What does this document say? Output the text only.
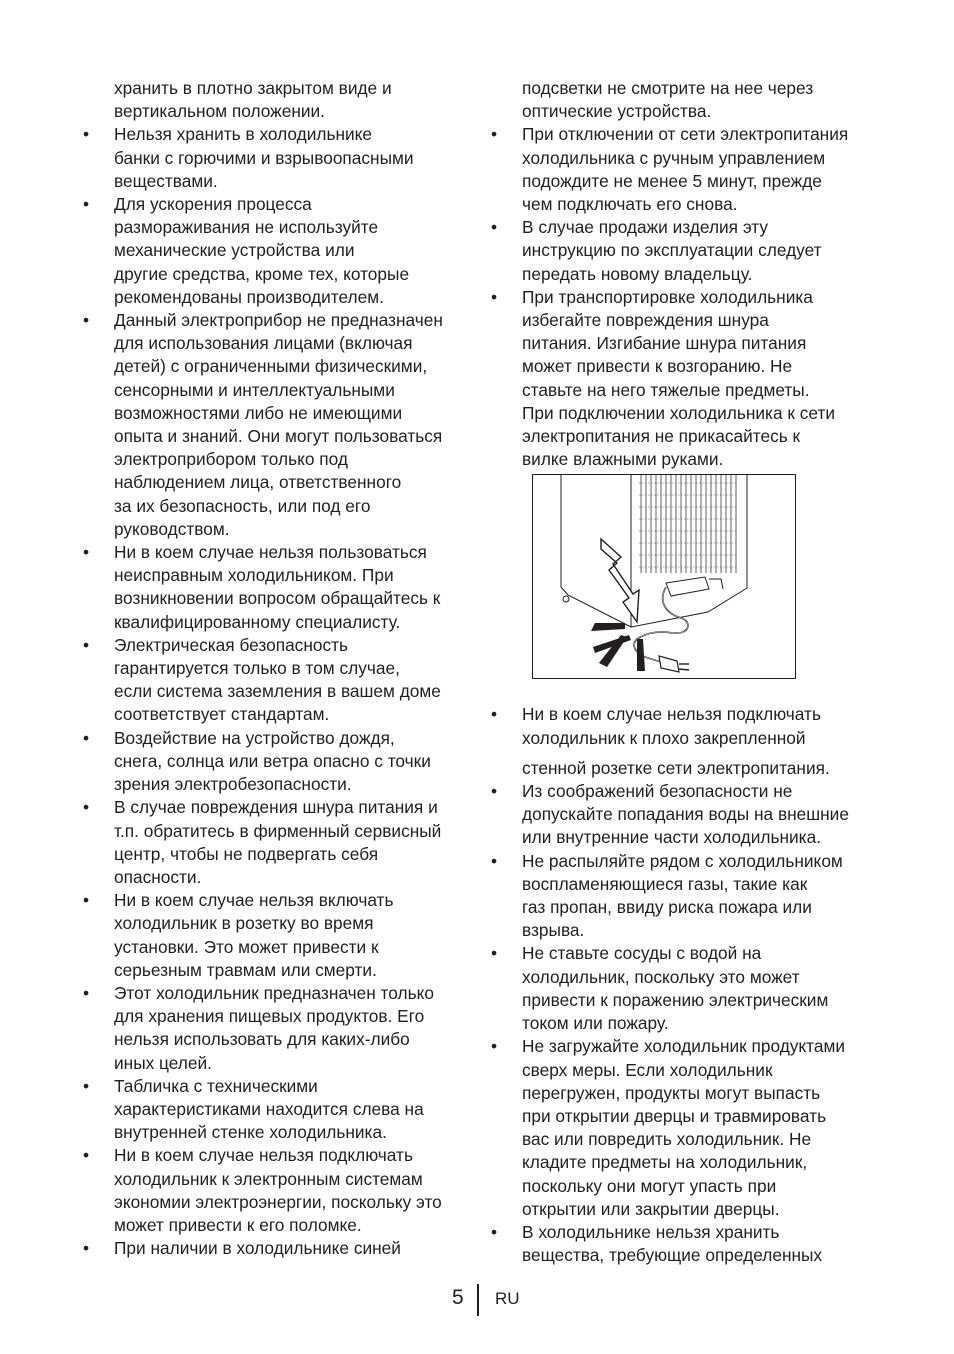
хранить в плотно закрытом виде и
вертикальном положении.
•
Нельзя хранить в холодильнике
банки с горючими и взрывоопасными
веществами.
•
Для ускорения процесса
размораживания не используйте
механические устройства или
другие средства, кроме тех, которые
рекомендованы производителем.
•
Данный электроприбор не предназначен
для использования лицами (включая
детей) с ограниченными физическими,
сенсорными и интеллектуальными
возможностями либо не имеющими
опыта и знаний. Они могут пользоваться
электроприбором только под
наблюдением лица, ответственного
за их безопасность, или под его
руководством.
•
Ни в коем случае нельзя пользоваться
неисправным холодильником. При
возникновении вопросом обращайтесь к
квалифицированному специалисту.
•
Электрическая безопасность
гарантируется только в том случае,
если система заземления в вашем доме
соответствует стандартам.
•
Воздействие на устройство дождя,
снега, солнца или ветра опасно с точки
зрения электробезопасности.
•
В случае повреждения шнура питания и
т.п. обратитесь в фирменный сервисный
центр, чтобы не подвергать себя
опасности.
•
Ни в коем случае нельзя включать
холодильник в розетку во время
установки. Это может привести к
серьезным травмам или смерти.
•
Этот холодильник предназначен только
для хранения пищевых продуктов. Его
нельзя использовать для каких-либо
иных целей.
•
Табличка с техническими
характеристиками находится слева на
внутренней стенке холодильника.
•
Ни в коем случае нельзя подключать
холодильник к электронным системам
экономии электроэнергии, поскольку это
может привести к его поломке.
•
При наличии в холодильнике синей
подсветки не смотрите на нее через
оптические устройства.
•
При отключении от сети электропитания
холодильника с ручным управлением
подождите не менее 5 минут, прежде
чем подключать его снова.
•
В случае продажи изделия эту
инструкцию по эксплуатации следует
передать новому владельцу.
•
При транспортировке холодильника
избегайте повреждения шнура
питания. Изгибание шнура питания
может привести к возгоранию. Не
ставьте на него тяжелые предметы.
При подключении холодильника к сети
электропитания не прикасайтесь к
вилке влажными руками.
•
Ни в коем случае нельзя подключать
холодильник к плохо закрепленной
стенной розетке сети электропитания.
•
Из соображений безопасности не
допускайте попадания воды на внешние
или внутренние части холодильника.
•
Не распыляйте рядом с холодильником
воспламеняющиеся газы, такие как
газ пропан, ввиду риска пожара или
взрыва.
•
Не ставьте сосуды с водой на
холодильник, поскольку это может
привести к поражению электрическим
током или пожару.
•
Не загружайте холодильник продуктами
сверх меры. Если холодильник
перегружен, продукты могут выпасть
при открытии дверцы и травмировать
вас или повредить холодильник. Не
кладите предметы на холодильник,
поскольку они могут упасть при
открытии или закрытии дверцы.
•
В холодильнике нельзя хранить
вещества, требующие определенных
5 RU
